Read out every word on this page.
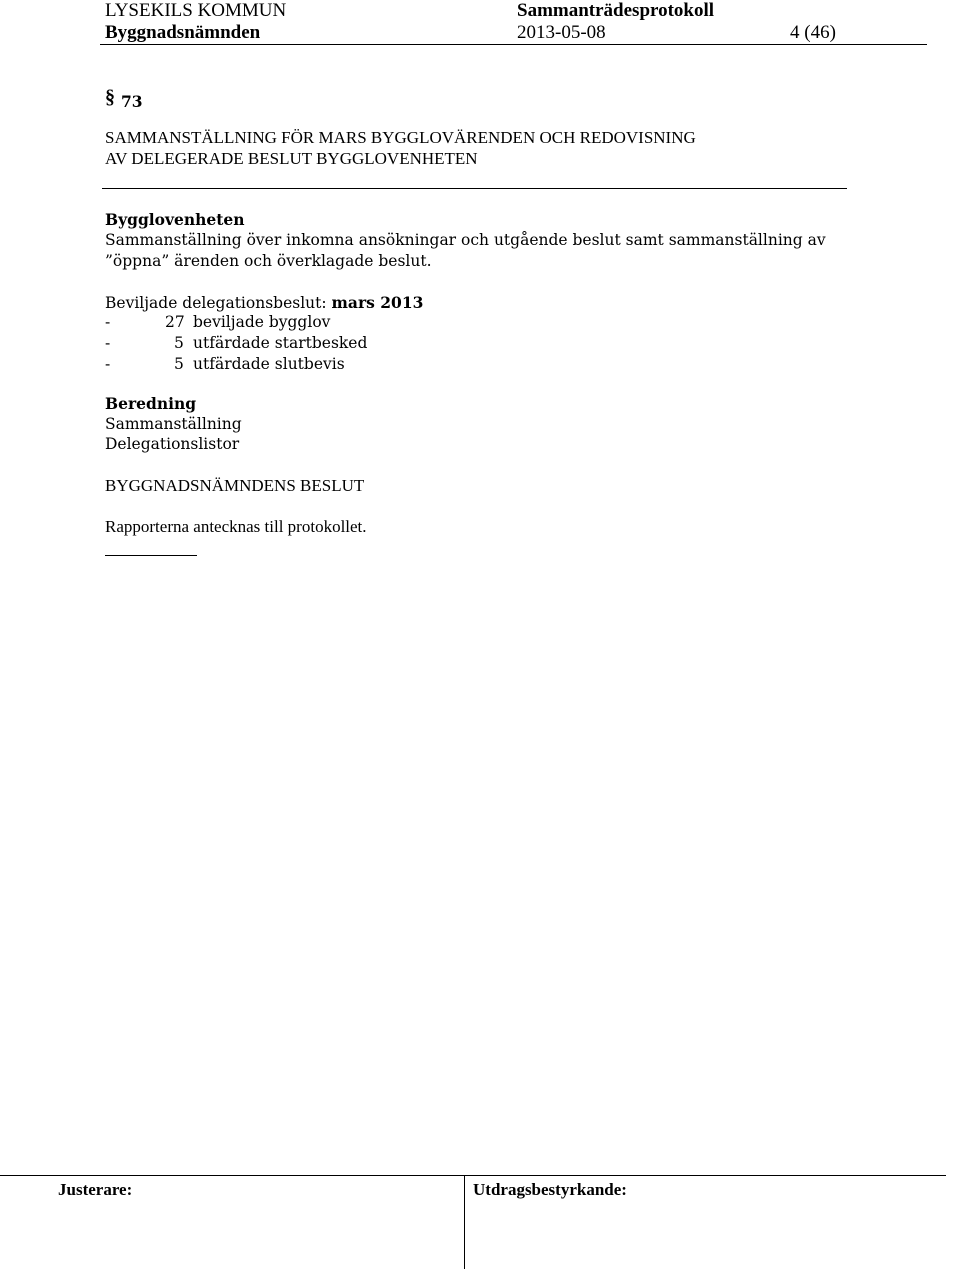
LYSEKILS KOMMUN	Sammanträdesprotokoll
Byggnadsnämnden	2013-05-08	4 (46)
§ 73
SAMMANSTÄLLNING FÖR MARS BYGGLOVÄRENDEN OCH REDOVISNING
AV DELEGERADE BESLUT BYGGLOVENHETEN
Bygglovenheten
Sammanställning över inkomna ansökningar och utgående beslut samt sammanställning av
”öppna” ärenden och överklagade beslut.
Beviljade delegationsbeslut: mars 2013
-	27 beviljade bygglov
-	5 utfärdade startbesked
-	5 utfärdade slutbevis
Beredning
Sammanställning
Delegationslistor
BYGGNADSNÄMNDENS BESLUT
Rapporterna antecknas till protokollet.
Justerare:	Utdragsbestyrkande:
